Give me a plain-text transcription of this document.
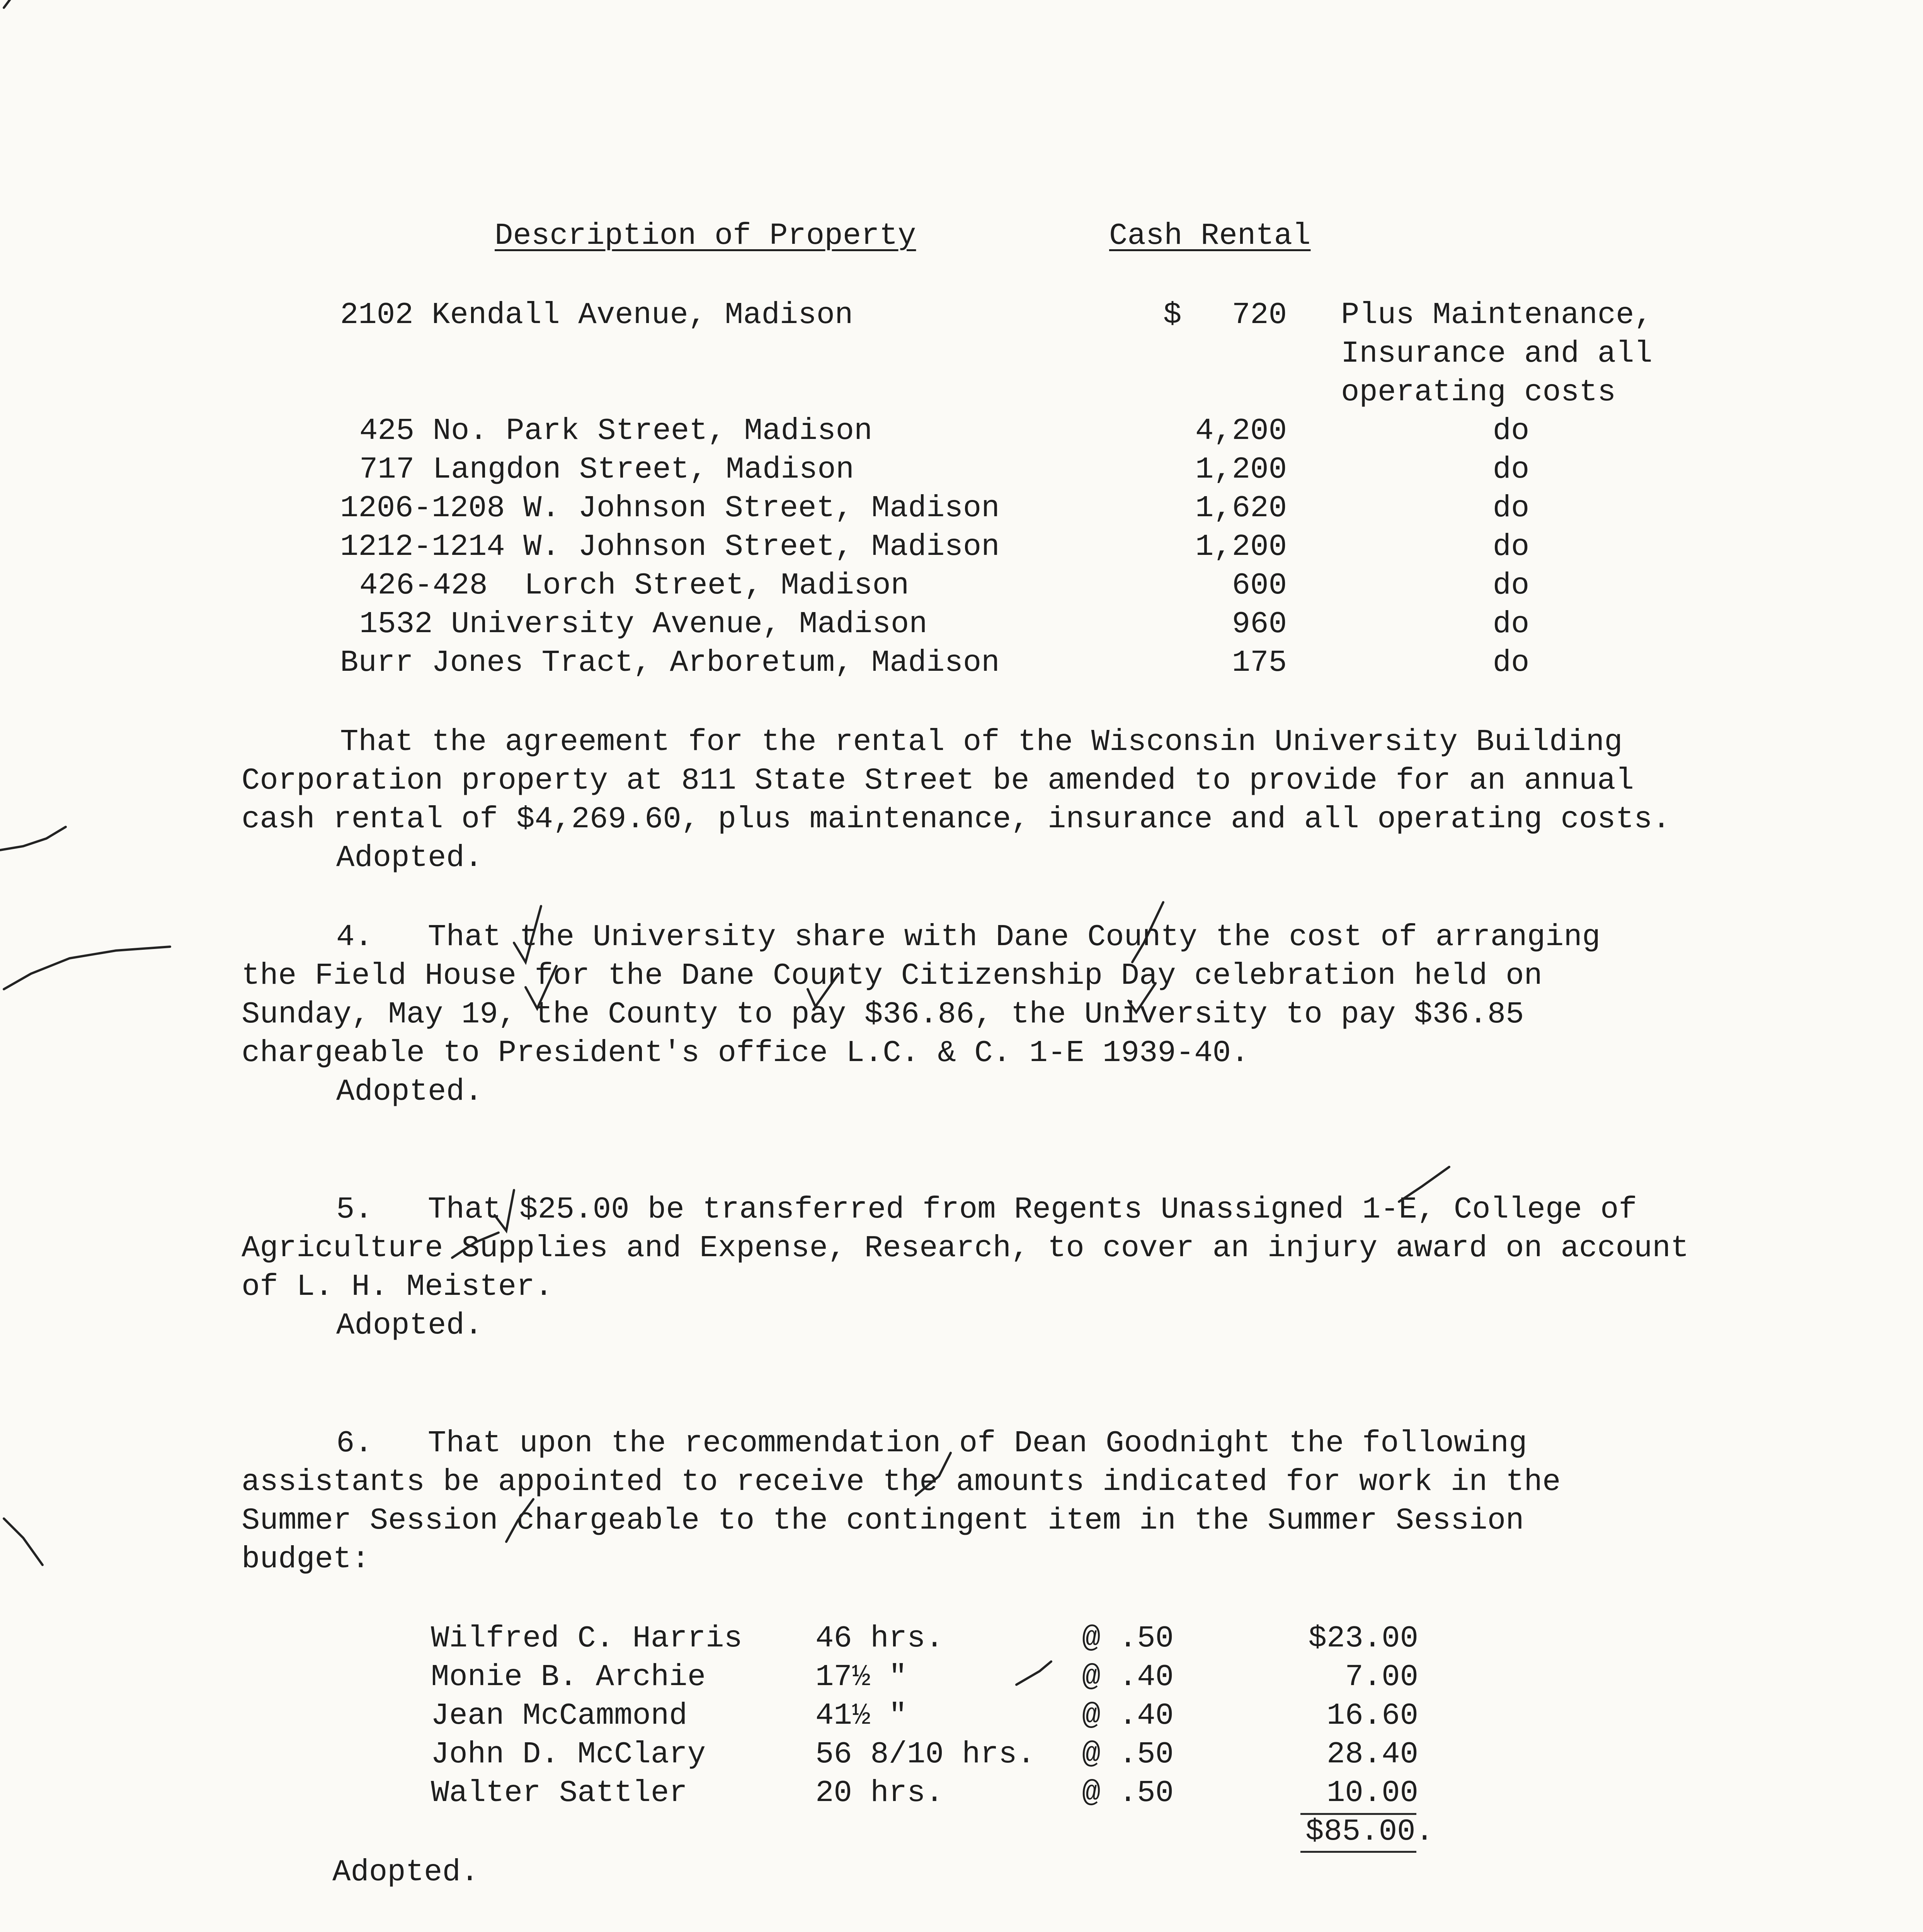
Description of Property	Cash Rental
2102 Kendall Avenue, Madison	$	720 Plus Maintenance,
Insurance and all
operating costs
425 No. Park Street, Madison	4,200	do
717 Langdon Street, Madison	1,200	do
1206-1208 W. Johnson Street, Madison	1,620	do
1212-1214 W. Johnson Street, Madison	1,200	do
426-428  Lorch Street, Madison	600	do
1532 University Avenue, Madison	960	do
Burr Jones Tract, Arboretum, Madison	175	do
That the agreement for the rental of the Wisconsin University Building
Corporation property at 811 State Street be amended to provide for an annual
cash rental of $4,269.60, plus maintenance, insurance and all operating costs.
Adopted.
4.   That the University share with Dane County the cost of arranging
the Field House for the Dane County Citizenship Day celebration held on
Sunday, May 19, the County to pay $36.86, the University to pay $36.85
chargeable to President's office L.C. & C. 1-E 1939-40.
Adopted.
5.   That $25.00 be transferred from Regents Unassigned 1-E, College of
Agriculture Supplies and Expense, Research, to cover an injury award on account
of L. H. Meister.
Adopted.
6.   That upon the recommendation of Dean Goodnight the following
assistants be appointed to receive the amounts indicated for work in the
Summer Session chargeable to the contingent item in the Summer Session
budget:
Wilfred C. Harris 46 hrs.	@ .50	$23.00
Monie B. Archie	17½ "	@ .40	7.00
Jean McCammond	41½ "	@ .40	16.60
John D. McClary	56 8/10 hrs. @ .50	28.40
Walter Sattler	20 hrs.	@ .50	10.00
$85.00.
Adopted.
